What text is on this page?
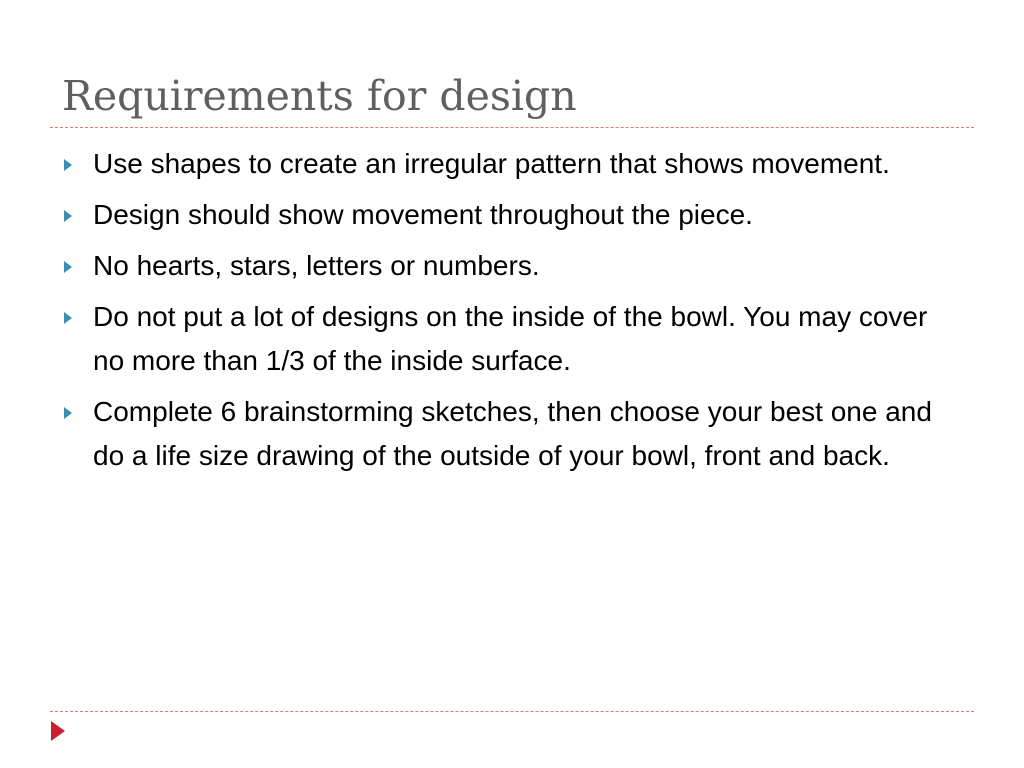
Requirements for design
Use shapes to create an irregular pattern that shows movement.
Design should show movement throughout the piece.
No hearts, stars, letters or numbers.
Do not put a lot of designs on the inside of the bowl. You may cover no more than 1/3 of the inside surface.
Complete 6 brainstorming sketches, then choose your best one and do a life size drawing of the outside of your bowl, front and back.
